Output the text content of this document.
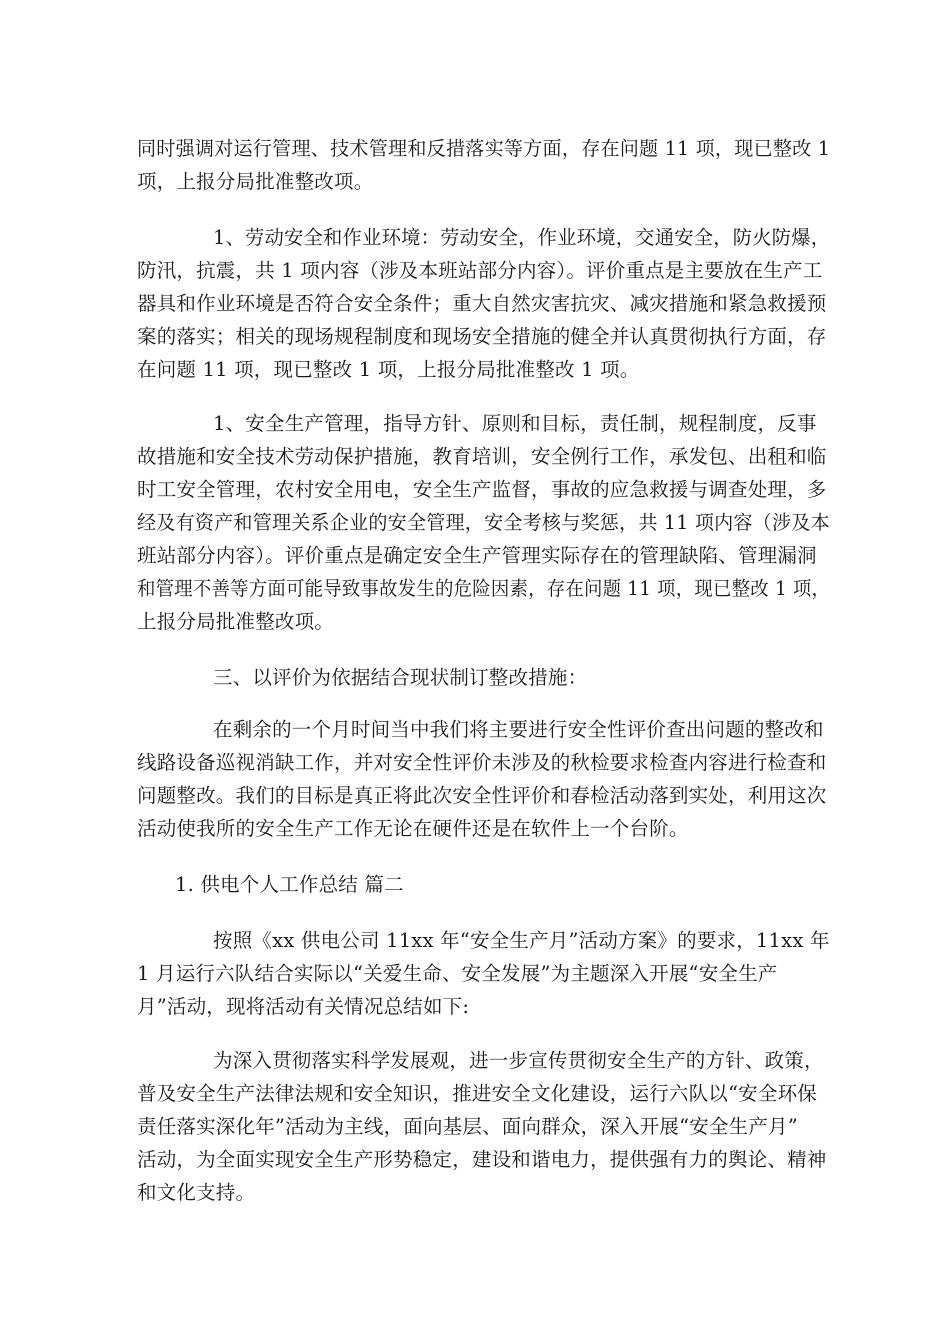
同时强调对运行管理、技术管理和反措落实等方面，存在问题 11 项，现已整改 1
项，上报分局批准整改项。
1、劳动安全和作业环境：劳动安全，作业环境，交通安全，防火防爆，
防汛，抗震，共 1 项内容（涉及本班站部分内容）。评价重点是主要放在生产工
器具和作业环境是否符合安全条件；重大自然灾害抗灾、减灾措施和紧急救援预
案的落实；相关的现场规程制度和现场安全措施的健全并认真贯彻执行方面，存
在问题 11 项，现已整改 1 项，上报分局批准整改 1 项。
1、安全生产管理，指导方针、原则和目标，责任制，规程制度，反事
故措施和安全技术劳动保护措施，教育培训，安全例行工作，承发包、出租和临
时工安全管理，农村安全用电，安全生产监督，事故的应急救援与调查处理，多
经及有资产和管理关系企业的安全管理，安全考核与奖惩，共 11 项内容（涉及本
班站部分内容）。评价重点是确定安全生产管理实际存在的管理缺陷、管理漏洞
和管理不善等方面可能导致事故发生的危险因素，存在问题 11 项，现已整改 1 项，
上报分局批准整改项。
三、以评价为依据结合现状制订整改措施：
在剩余的一个月时间当中我们将主要进行安全性评价查出问题的整改和
线路设备巡视消缺工作，并对安全性评价未涉及的秋检要求检查内容进行检查和
问题整改。我们的目标是真正将此次安全性评价和春检活动落到实处，利用这次
活动使我所的安全生产工作无论在硬件还是在软件上一个台阶。
1. 供电个人工作总结 篇二
按照《xx 供电公司 11xx 年“安全生产月”活动方案》的要求，11xx 年
1 月运行六队结合实际以“关爱生命、安全发展”为主题深入开展“安全生产
月”活动，现将活动有关情况总结如下:
为深入贯彻落实科学发展观，进一步宣传贯彻安全生产的方针、政策，
普及安全生产法律法规和安全知识，推进安全文化建设，运行六队以“安全环保
责任落实深化年”活动为主线，面向基层、面向群众，深入开展“安全生产月”
活动，为全面实现安全生产形势稳定，建设和谐电力，提供强有力的舆论、精神
和文化支持。
